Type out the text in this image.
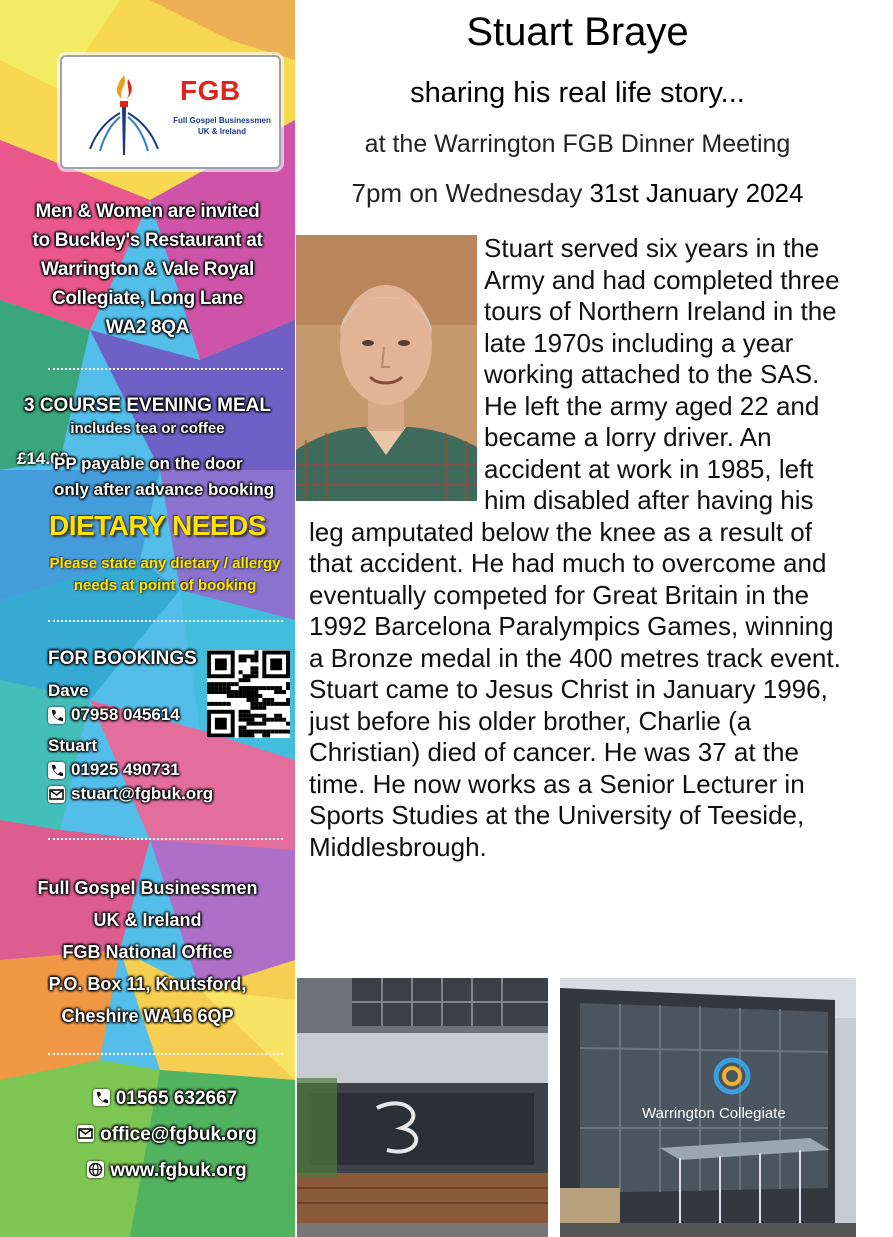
FGB
Full Gospel Businessmen
UK & Ireland
Men & Women are invited
to Buckley's Restaurant at
Warrington & Vale Royal
Collegiate, Long Lane
WA2 8QA
3 COURSE EVENING MEAL
includes tea or coffee
£14.00
PP payable on the door
only after advance booking
DIETARY NEEDS
Please state any dietary / allergy
needs at point of booking
FOR BOOKINGS
Dave
07958 045614
Stuart
01925 490731
stuart@fgbuk.org
Full Gospel Businessmen
UK & Ireland
FGB National Office
P.O. Box 11, Knutsford,
Cheshire WA16 6QP
01565 632667
office@fgbuk.org
www.fgbuk.org
Stuart Braye
sharing his real life story...
at the Warrington FGB Dinner Meeting
7pm on Wednesday 31st January 2024
Stuart served six years in the Army and had completed three tours of Northern Ireland in the late 1970s including a year working attached to the SAS. He left the army aged 22 and became a lorry driver. An accident at work in 1985, left him disabled after having his leg amputated below the knee as a result of that accident. He had much to overcome and eventually competed for Great Britain in the 1992 Barcelona Paralympics Games, winning a Bronze medal in the 400 metres track event. Stuart came to Jesus Christ in January 1996, just before his older brother, Charlie (a Christian) died of cancer. He was 37 at the time. He now works as a Senior Lecturer in Sports Studies at the University of Teeside, Middlesbrough.
Warrington Collegiate
